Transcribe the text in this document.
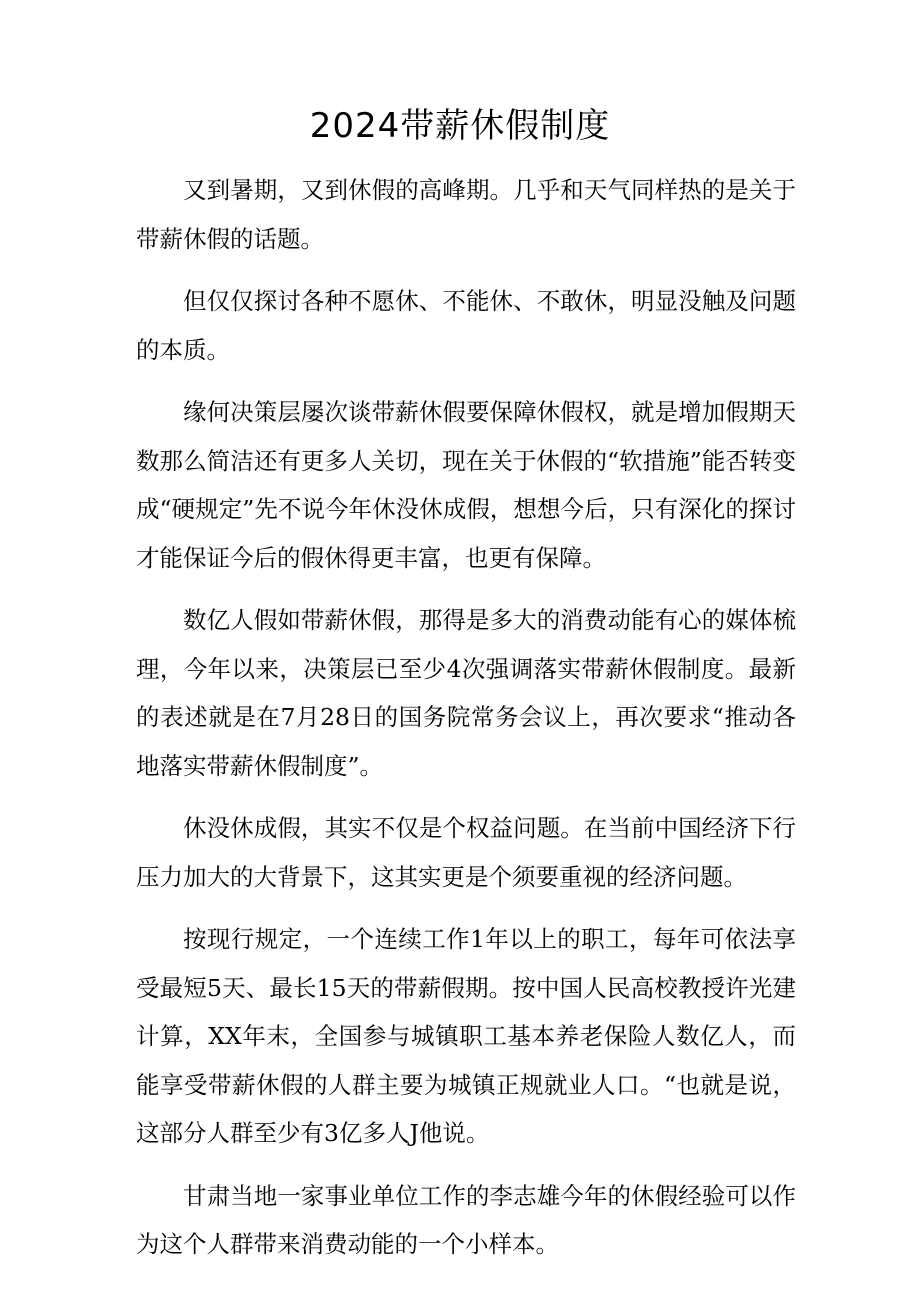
2024带薪休假制度

又到暑期，又到休假的高峰期。几乎和天气同样热的是关于带薪休假的话题。

但仅仅探讨各种不愿休、不能休、不敢休，明显没触及问题的本质。

缘何决策层屡次谈带薪休假要保障休假权，就是增加假期天数那么简洁还有更多人关切，现在关于休假的“软措施”能否转变成“硬规定”先不说今年休没休成假，想想今后，只有深化的探讨才能保证今后的假休得更丰富，也更有保障。

数亿人假如带薪休假，那得是多大的消费动能有心的媒体梳理，今年以来，决策层已至少4次强调落实带薪休假制度。最新的表述就是在7月28日的国务院常务会议上，再次要求“推动各地落实带薪休假制度”。

休没休成假，其实不仅是个权益问题。在当前中国经济下行压力加大的大背景下，这其实更是个须要重视的经济问题。

按现行规定，一个连续工作1年以上的职工，每年可依法享受最短5天、最长15天的带薪假期。按中国人民高校教授许光建计算，XX年末，全国参与城镇职工基本养老保险人数亿人，而能享受带薪休假的人群主要为城镇正规就业人口。“也就是说，这部分人群至少有3亿多人J他说。

甘肃当地一家事业单位工作的李志雄今年的休假经验可以作为这个人群带来消费动能的一个小样本。
